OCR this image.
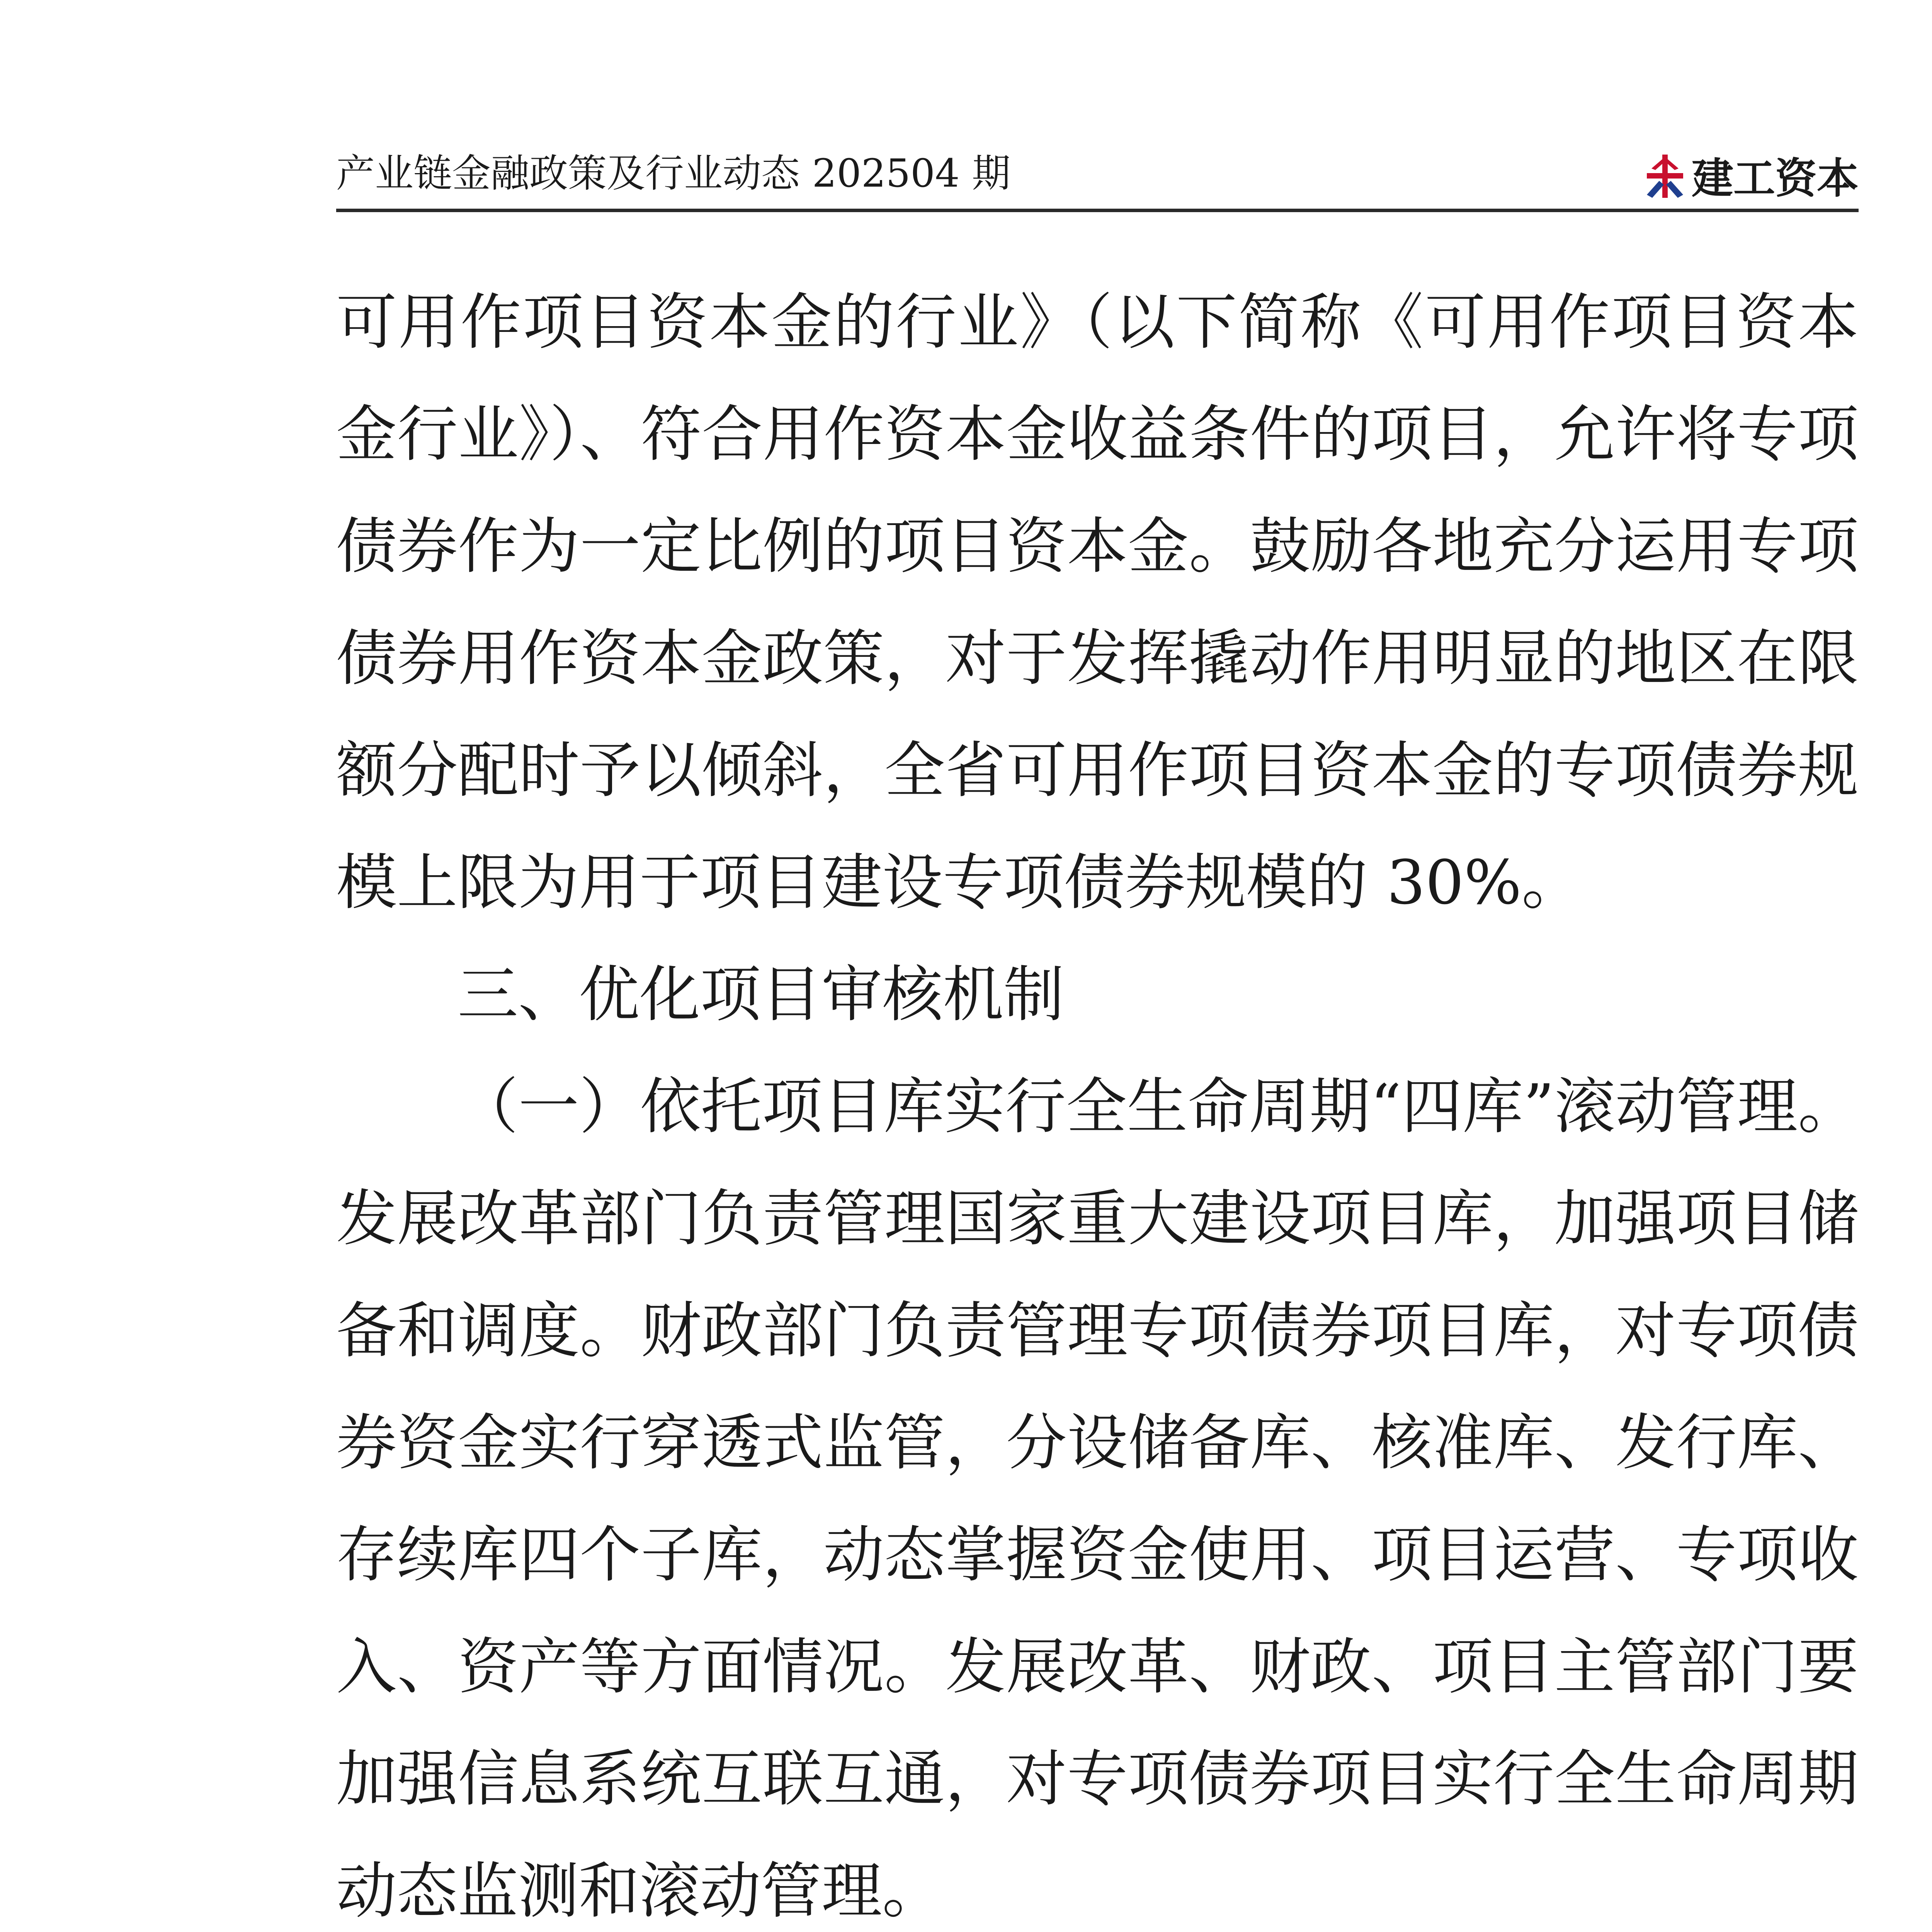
产业链金融政策及行业动态 202504 期	建工资本

可用作项目资本金的行业》（以下简称《可用作项目资本金行业》）、符合用作资本金收益条件的项目，允许将专项债券作为一定比例的项目资本金。鼓励各地充分运用专项债券用作资本金政策，对于发挥撬动作用明显的地区在限额分配时予以倾斜，全省可用作项目资本金的专项债券规模上限为用于项目建设专项债券规模的 30%。

三、优化项目审核机制

（一）依托项目库实行全生命周期“四库”滚动管理。发展改革部门负责管理国家重大建设项目库，加强项目储备和调度。财政部门负责管理专项债券项目库，对专项债券资金实行穿透式监管，分设储备库、核准库、发行库、存续库四个子库，动态掌握资金使用、项目运营、专项收入、资产等方面情况。发展改革、财政、项目主管部门要加强信息系统互联互通，对专项债券项目实行全生命周期动态监测和滚动管理。
